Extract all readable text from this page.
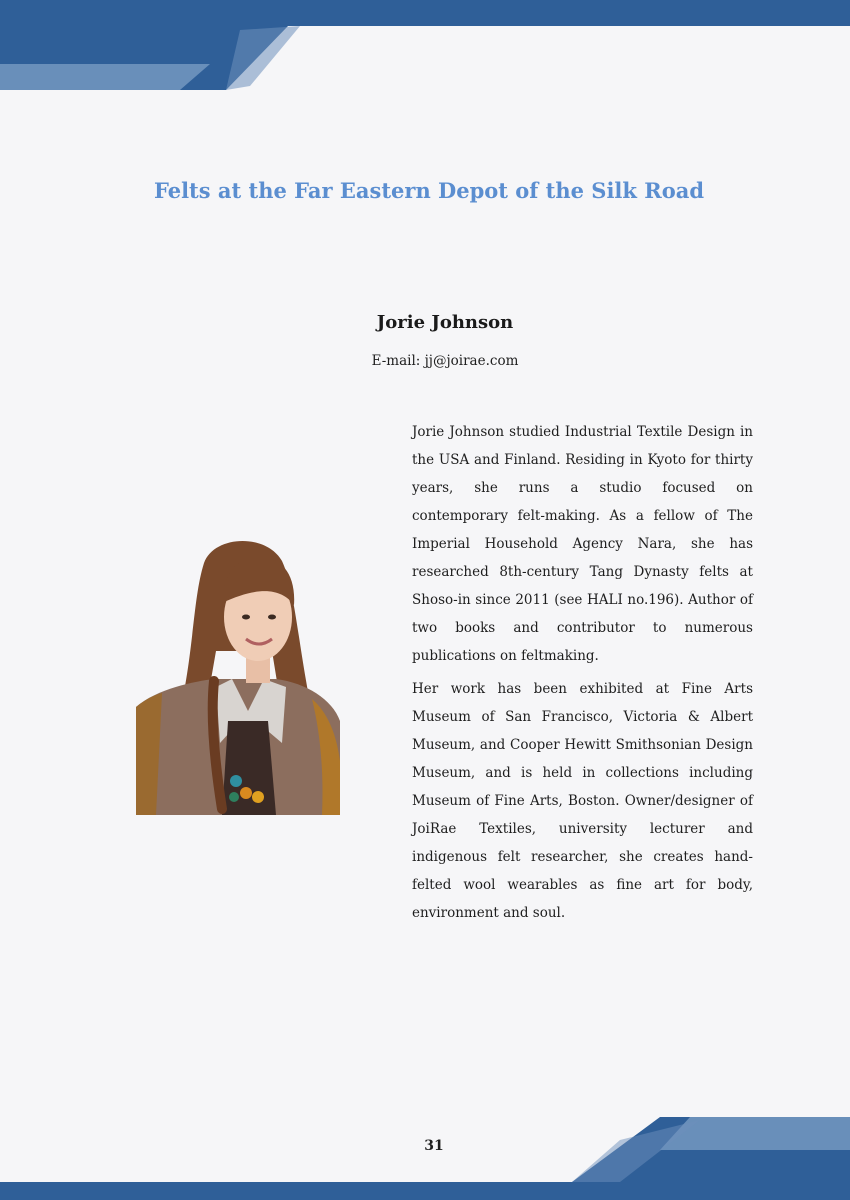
Felts at the Far Eastern Depot of the Silk Road
Jorie Johnson

E-mail: jj@joirae.com

Jorie Johnson studied Industrial Textile Design in the USA and Finland. Residing in Kyoto for thirty years, she runs a studio focused on contemporary felt-making. As a fellow of The Imperial Household Agency Nara, she has researched 8th-century Tang Dynasty felts at Shoso-in since 2011 (see HALI no.196). Author of two books and contributor to numerous publications on feltmaking.

Her work has been exhibited at Fine Arts Museum of San Francisco, Victoria & Albert Museum, and Cooper Hewitt Smithsonian Design Museum, and is held in collections including Museum of Fine Arts, Boston. Owner/designer of JoiRae Textiles, university lecturer and indigenous felt researcher, she creates hand-felted wool wearables as fine art for body, environment and soul.

31
